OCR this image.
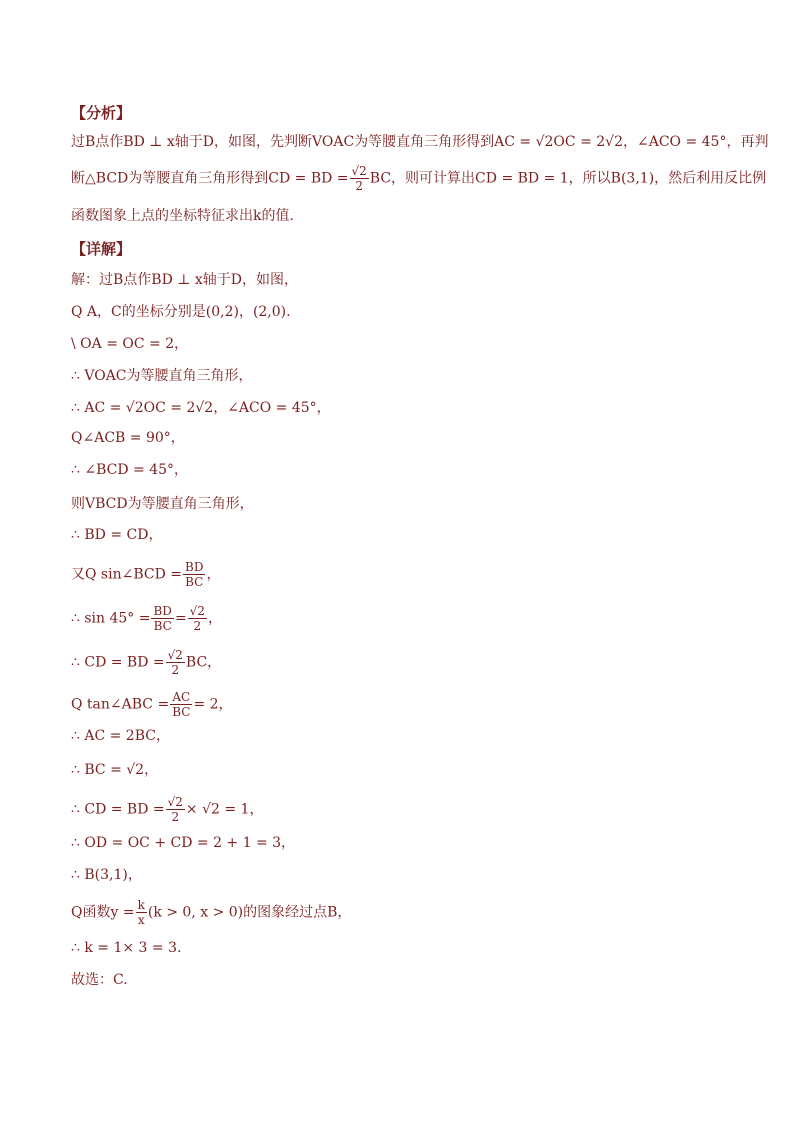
【分析】
过B点作BD ⊥ x轴于D，如图，先判断VOAC为等腰直角三角形得到AC = √2OC = 2√2，∠ACO = 45°，再判
断△BCD为等腰直角三角形得到CD = BD = $\frac{√2}{2}$ BC，则可计算出CD = BD = 1，所以B(3,1)，然后利用反比例
函数图象上点的坐标特征求出k的值.
【详解】
解：过B点作BD ⊥ x轴于D，如图，
Q A，C的坐标分别是(0,2)，(2,0).
\ OA = OC = 2，
∴ VOAC为等腰直角三角形，
∴ AC = √2OC = 2√2，∠ACO = 45°，
Q∠ACB = 90°，
∴ ∠BCD = 45°，
则VBCD为等腰直角三角形，
∴ BD = CD，
又Q sin∠BCD = $\frac{BD}{BC}$ ，
∴ $\sin 45^\circ = \frac{BD}{BC} = \frac{√2}{2}$ ，
∴ CD = BD = $\frac{√2}{2}$ BC，
Q tan∠ABC = $\frac{AC}{BC} = 2$，
∴ AC = 2BC，
∴ BC = √2，
∴ CD = BD = $\frac{√2}{2} \times √2 = 1$，
∴ OD = OC + CD = 2 + 1 = 3，
∴ B(3,1)，
Q函数$y = \frac{k}{x} (k > 0$, x > 0)的图象经过点B，
∴ k = 1× 3 = 3.
故选：C.
